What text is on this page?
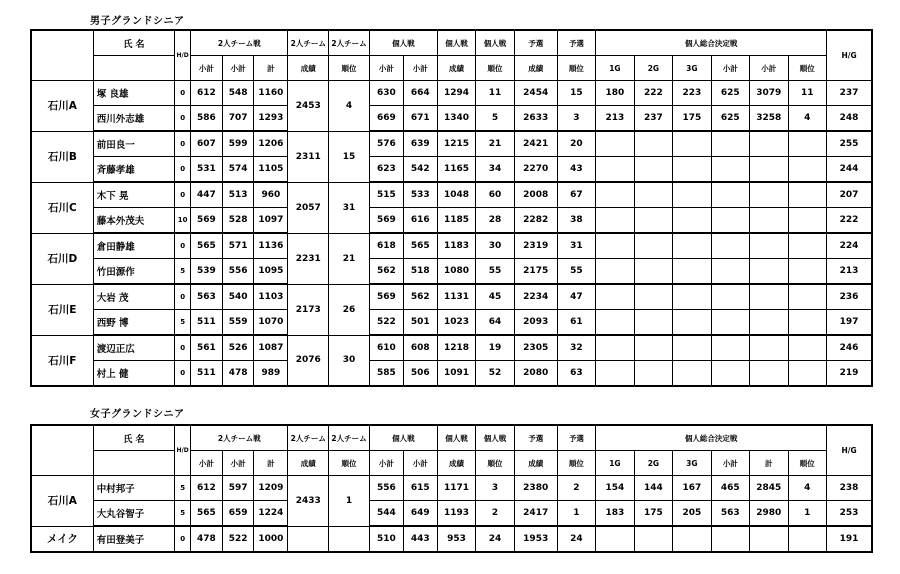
男子グランドシニア
	氏 名	H/D	2人チーム戦			2人チーム	2人チーム	個人戦		個人戦	個人戦	予選	予選	個人総合決定戦						H/G
			小計	小計	計	成績	順位	小計	小計	成績	順位	成績	順位	1G	2G	3G	小計	小計	順位	
石川A	塚 良雄	0	612	548	1160	2453	4	630	664	1294	11	2454	15	180	222	223	625	3079	11	237
	西川外志雄	0	586	707	1293			669	671	1340	5	2633	3	213	237	175	625	3258	4	248
石川B	前田良一	0	607	599	1206	2311	15	576	639	1215	21	2421	20							255
	斉藤孝雄	0	531	574	1105			623	542	1165	34	2270	43							244
石川C	木下 晃	0	447	513	960	2057	31	515	533	1048	60	2008	67							207
	藤本外茂夫	10	569	528	1097			569	616	1185	28	2282	38							222
石川D	倉田静雄	0	565	571	1136	2231	21	618	565	1183	30	2319	31							224
	竹田源作	5	539	556	1095			562	518	1080	55	2175	55							213
石川E	大岩 茂	0	563	540	1103	2173	26	569	562	1131	45	2234	47							236
	西野 博	5	511	559	1070			522	501	1023	64	2093	61							197
石川F	渡辺正広	0	561	526	1087	2076	30	610	608	1218	19	2305	32							246
	村上 健	0	511	478	989			585	506	1091	52	2080	63							219
女子グランドシニア
	氏 名	H/D	2人チーム戦			2人チーム	2人チーム	個人戦		個人戦	個人戦	予選	予選	個人総合決定戦						H/G
			小計	小計	計	成績	順位	小計	小計	成績	順位	成績	順位	1G	2G	3G	小計	計	順位	
石川A	中村邦子	5	612	597	1209	2433	1	556	615	1171	3	2380	2	154	144	167	465	2845	4	238
	大丸谷智子	5	565	659	1224			544	649	1193	2	2417	1	183	175	205	563	2980	1	253
メイク	有田登美子	0	478	522	1000			510	443	953	24	1953	24							191
